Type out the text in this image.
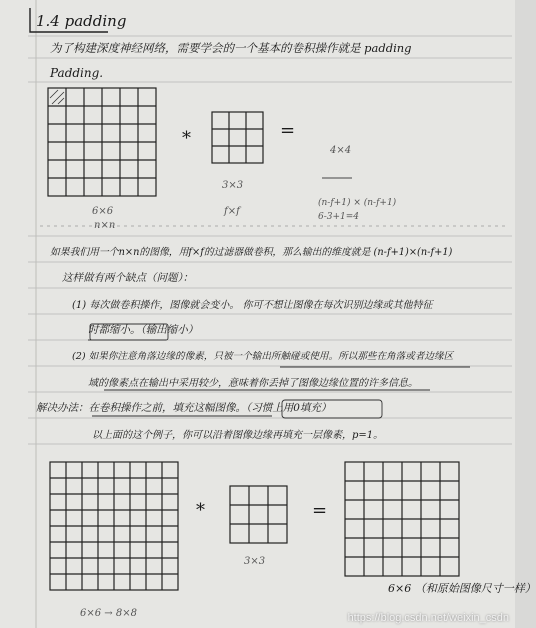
1.4 padding
为了构建深度神经网络，需要学会的一个基本的卷积操作就是 padding
Padding.
*	=
6×6
n×n
3×3
f×f
4×4
(n-f+1) × (n-f+1)
6-3+1=4
如果我们用一个n×n的图像，用f×f的过滤器做卷积，那么输出的维度就是 (n-f+1)×(n-f+1)
这样做有两个缺点（问题）：
(1) 每次做卷积操作，图像就会变小。 你可不想让图像在每次识别边缘或其他特征
时都缩小。（输出缩小）
(2) 如果你注意角落边缘的像素，只被一个输出所触碰或使用。所以那些在角落或者边缘区
域的像素点在输出中采用较少，意味着你丢掉了图像边缘位置的许多信息。
解决办法：在卷积操作之前，填充这幅图像。（习惯上用0填充）
以上面的这个例子，你可以沿着图像边缘再填充一层像素，p=1。
*	=
3×3
6×6 → 8×8
6×6 （和原始图像尺寸一样）
https://blog.csdn.net/weixin_csdn
